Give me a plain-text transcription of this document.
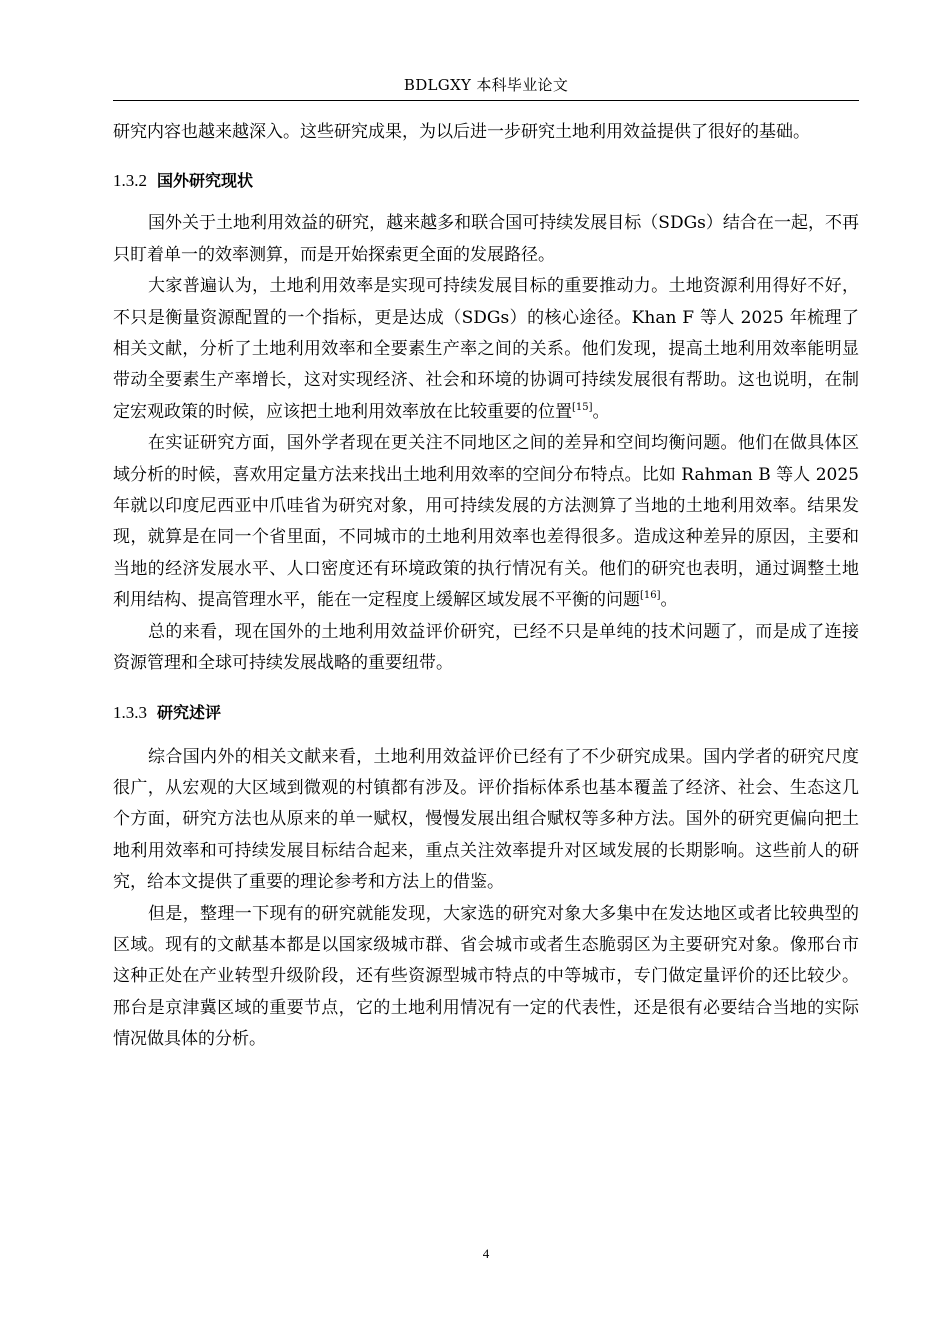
BDLGXY 本科毕业论文

研究内容也越来越深入。这些研究成果，为以后进一步研究土地利用效益提供了很好的基础。

1.3.2 国外研究现状

国外关于土地利用效益的研究，越来越多和联合国可持续发展目标（SDGs）结合在一起，不再只盯着单一的效率测算，而是开始探索更全面的发展路径。

大家普遍认为，土地利用效率是实现可持续发展目标的重要推动力。土地资源利用得好不好，不只是衡量资源配置的一个指标，更是达成（SDGs）的核心途径。Khan F 等人 2025 年梳理了相关文献，分析了土地利用效率和全要素生产率之间的关系。他们发现，提高土地利用效率能明显带动全要素生产率增长，这对实现经济、社会和环境的协调可持续发展很有帮助。这也说明，在制定宏观政策的时候，应该把土地利用效率放在比较重要的位置[15]。

在实证研究方面，国外学者现在更关注不同地区之间的差异和空间均衡问题。他们在做具体区域分析的时候，喜欢用定量方法来找出土地利用效率的空间分布特点。比如 Rahman B 等人 2025 年就以印度尼西亚中爪哇省为研究对象，用可持续发展的方法测算了当地的土地利用效率。结果发现，就算是在同一个省里面，不同城市的土地利用效率也差得很多。造成这种差异的原因，主要和当地的经济发展水平、人口密度还有环境政策的执行情况有关。他们的研究也表明，通过调整土地利用结构、提高管理水平，能在一定程度上缓解区域发展不平衡的问题[16]。

总的来看，现在国外的土地利用效益评价研究，已经不只是单纯的技术问题了，而是成了连接资源管理和全球可持续发展战略的重要纽带。

1.3.3 研究述评

综合国内外的相关文献来看，土地利用效益评价已经有了不少研究成果。国内学者的研究尺度很广，从宏观的大区域到微观的村镇都有涉及。评价指标体系也基本覆盖了经济、社会、生态这几个方面，研究方法也从原来的单一赋权，慢慢发展出组合赋权等多种方法。国外的研究更偏向把土地利用效率和可持续发展目标结合起来，重点关注效率提升对区域发展的长期影响。这些前人的研究，给本文提供了重要的理论参考和方法上的借鉴。

但是，整理一下现有的研究就能发现，大家选的研究对象大多集中在发达地区或者比较典型的区域。现有的文献基本都是以国家级城市群、省会城市或者生态脆弱区为主要研究对象。像邢台市这种正处在产业转型升级阶段，还有些资源型城市特点的中等城市，专门做定量评价的还比较少。邢台是京津冀区域的重要节点，它的土地利用情况有一定的代表性，还是很有必要结合当地的实际情况做具体的分析。

4
